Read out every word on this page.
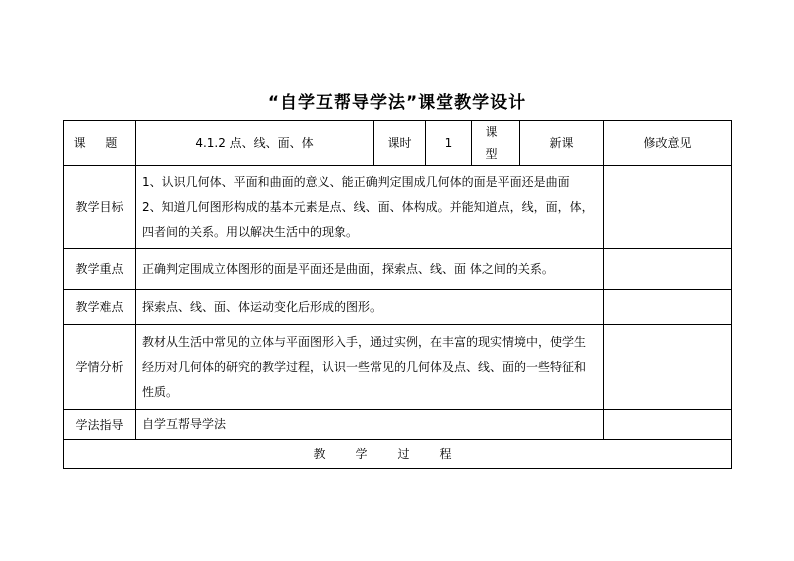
“自学互帮导学法”课堂教学设计
课 题	4.1.2 点、线、面、体	课时	1	课 型	新课	修改意见
教学目标	1、认识几何体、平面和曲面的意义、能正确判定围成几何体的面是平面还是曲面
2、知道几何图形构成的基本元素是点、线、面、体构成。并能知道点，线，面，体，四者间的关系。用以解决生活中的现象。					

教学重点	正确判定围成立体图形的面是平面还是曲面，探索点、线、面 体之间的关系。					
教学难点	探索点、线、面、体运动变化后形成的图形。					
学情分析	教材从生活中常见的立体与平面图形入手，通过实例，在丰富的现实情境中，使学生经历对几何体的研究的教学过程，认识一些常见的几何体及点、线、面的一些特征和性质。					
学法指导	自学互帮导学法					
教学过程						
